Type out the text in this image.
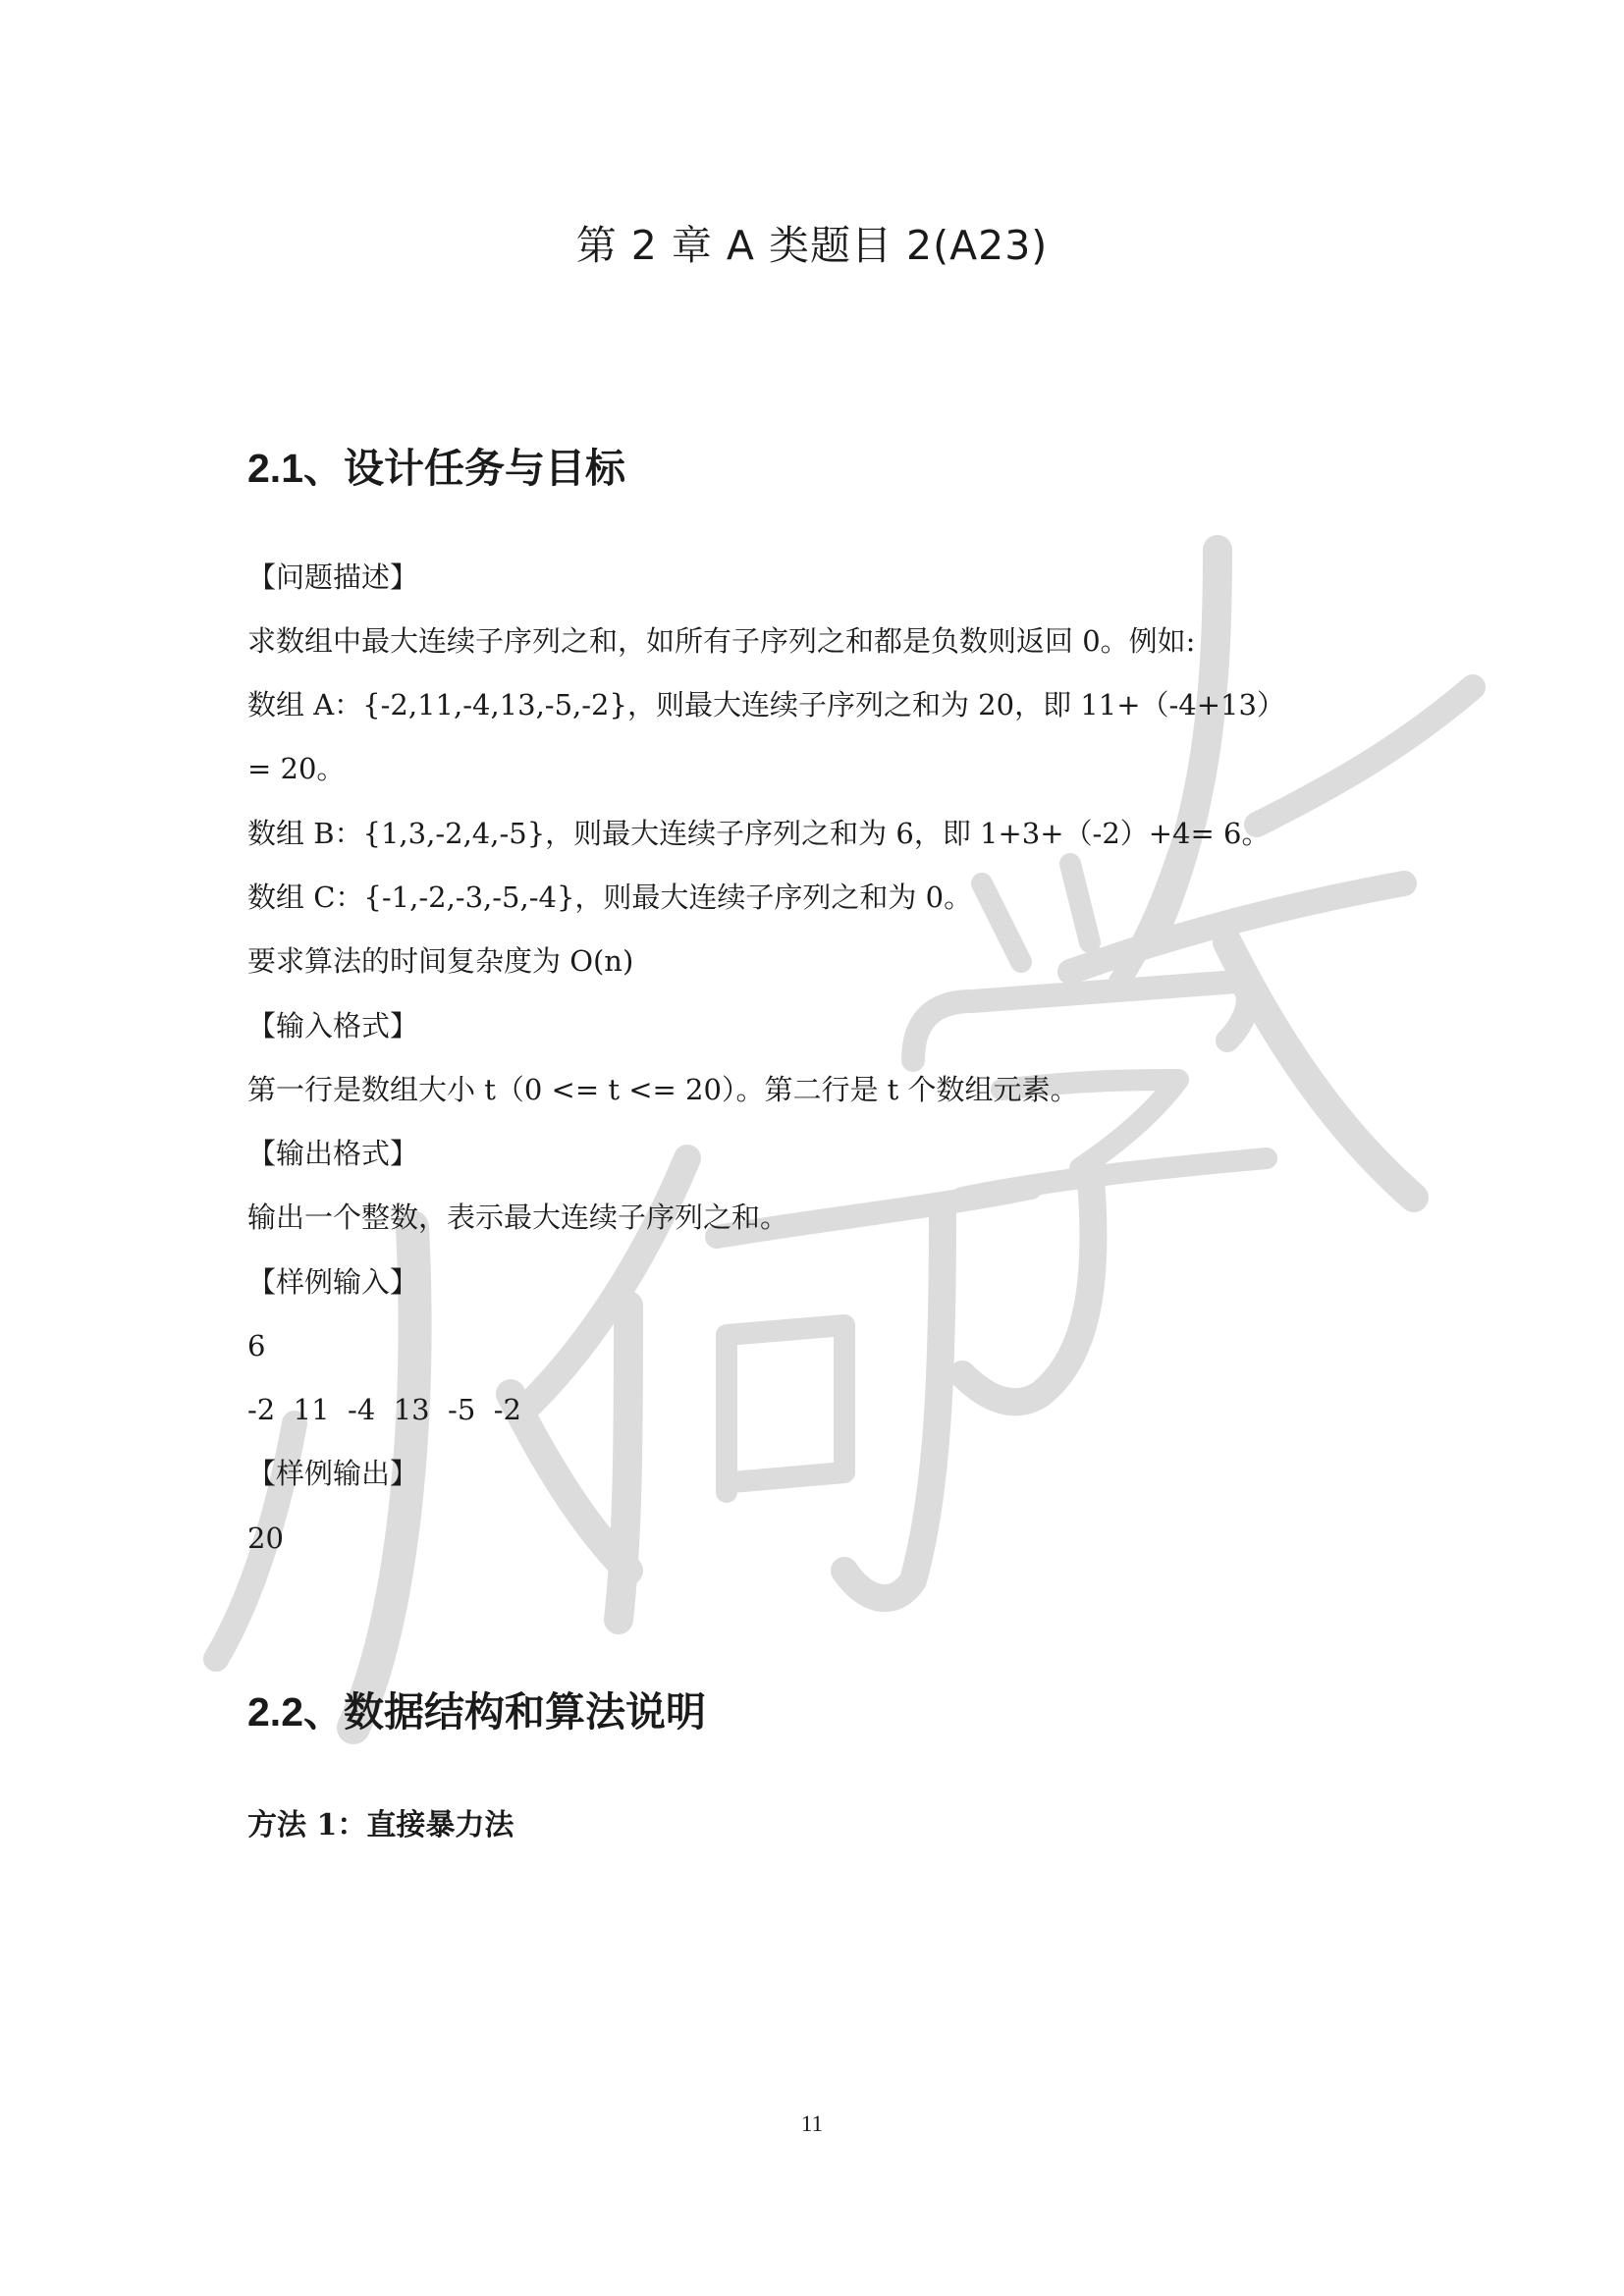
第 2 章 A 类题目 2(A23)
2.1、设计任务与目标
【问题描述】
求数组中最大连续子序列之和，如所有子序列之和都是负数则返回 0。例如:
数组 A：{-2,11,-4,13,-5,-2}，则最大连续子序列之和为 20，即 11+（-4+13）
= 20。
数组 B：{1,3,-2,4,-5}，则最大连续子序列之和为 6，即 1+3+（-2）+4= 6。
数组 C：{-1,-2,-3,-5,-4}，则最大连续子序列之和为 0。
要求算法的时间复杂度为 O(n)
【输入格式】
第一行是数组大小 t（0 <= t <= 20）。第二行是 t 个数组元素。
【输出格式】
输出一个整数，表示最大连续子序列之和。
【样例输入】
6
-2  11  -4  13  -5  -2
【样例输出】
20
2.2、数据结构和算法说明
方法 1：直接暴力法
11
